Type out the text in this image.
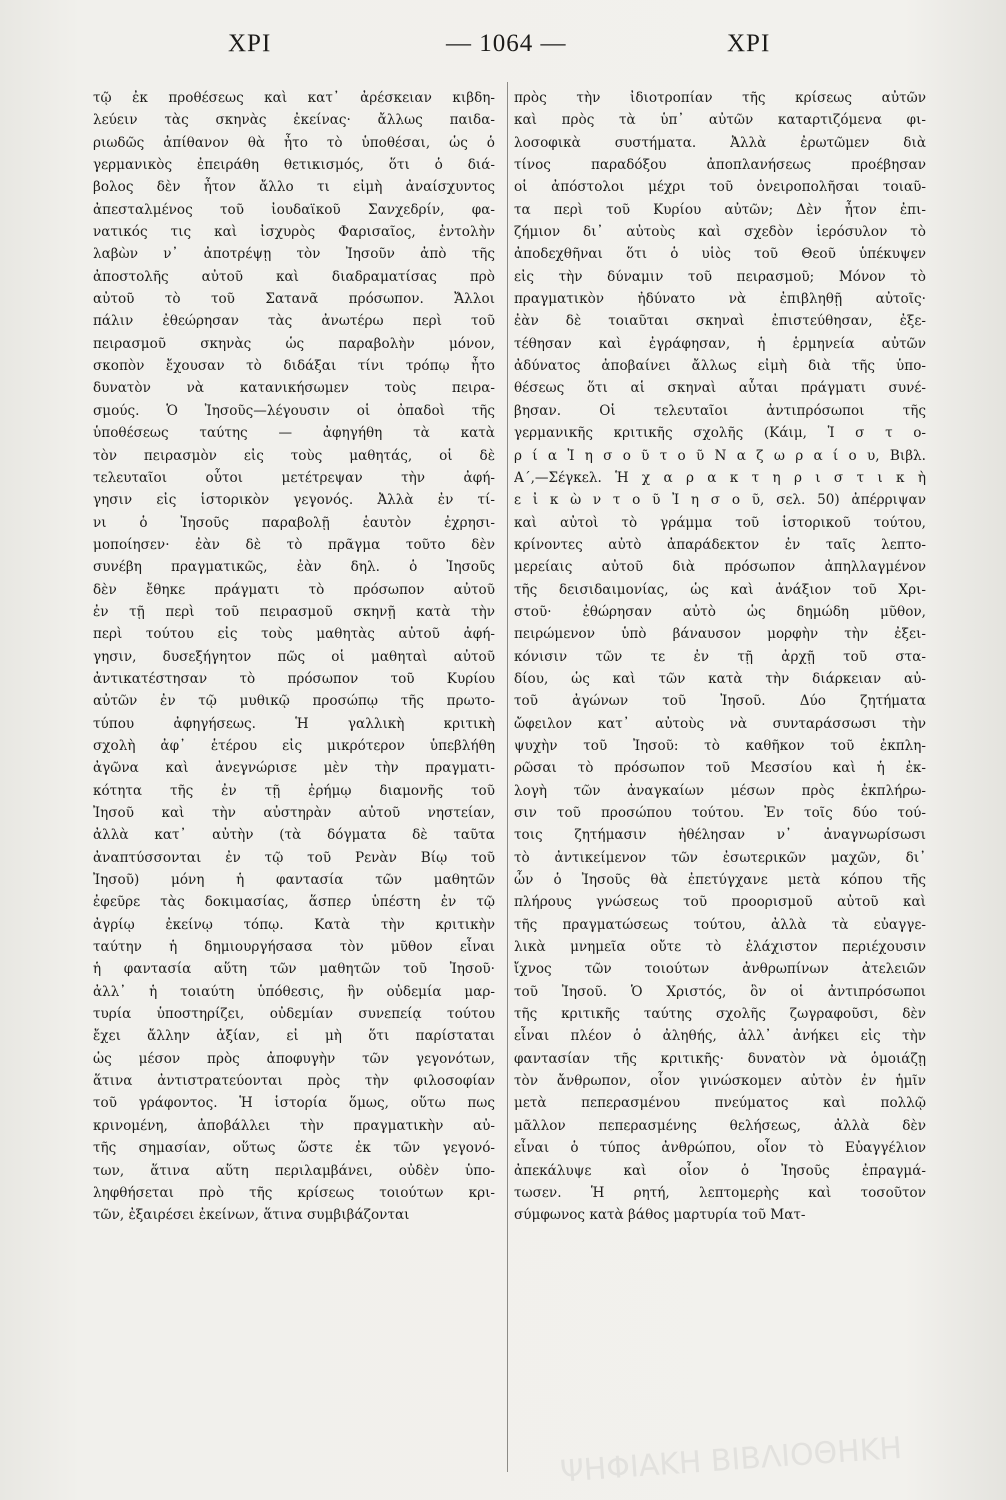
ΧΡΙ	— 1064 —	ΧΡΙ
τῷ ἐκ προθέσεως καὶ κατ᾽ ἀρέσκειαν κιβδη-
λεύειν τὰς σκηνὰς ἐκείνας· ἄλλως παιδα-
ριωδῶς ἀπίθανον θὰ ἦτο τὸ ὑποθέσαι, ὡς ὁ
γερμανικὸς ἐπειράθη θετικισμός, ὅτι ὁ διά-
βολος δὲν ἦτον ἄλλο τι εἰμὴ ἀναίσχυντος
ἀπεσταλμένος τοῦ ἰουδαϊκοῦ Σανχεδρίν, φα-
νατικός τις καὶ ἰσχυρὸς Φαρισαῖος, ἐντολὴν
λαβὼν ν᾽ ἀποτρέψῃ τὸν Ἰησοῦν ἀπὸ τῆς
ἀποστολῆς αὐτοῦ καὶ διαδραματίσας πρὸ
αὐτοῦ τὸ τοῦ Σατανᾶ πρόσωπον. Ἄλλοι
πάλιν ἐθεώρησαν τὰς ἀνωτέρω περὶ τοῦ
πειρασμοῦ σκηνὰς ὡς παραβολὴν μόνον,
σκοπὸν ἔχουσαν τὸ διδάξαι τίνι τρόπῳ ἦτο
δυνατὸν νὰ κατανικήσωμεν τοὺς πειρα-
σμούς. Ὁ Ἰησοῦς—λέγουσιν οἱ ὀπαδοὶ τῆς
ὑποθέσεως ταύτης — ἀφηγήθη τὰ κατὰ
τὸν πειρασμὸν εἰς τοὺς μαθητάς, οἱ δὲ
τελευταῖοι οὗτοι μετέτρεψαν τὴν ἀφή-
γησιν εἰς ἱστορικὸν γεγονός. Ἀλλὰ ἐν τί-
νι ὁ Ἰησοῦς παραβολῇ ἑαυτὸν ἐχρησι-
μοποίησεν· ἐὰν δὲ τὸ πρᾶγμα τοῦτο δὲν
συνέβη πραγματικῶς, ἐὰν δηλ. ὁ Ἰησοῦς
δὲν ἔθηκε πράγματι τὸ πρόσωπον αὐτοῦ
ἐν τῇ περὶ τοῦ πειρασμοῦ σκηνῇ κατὰ τὴν
περὶ τούτου εἰς τοὺς μαθητὰς αὐτοῦ ἀφή-
γησιν, δυσεξήγητον πῶς οἱ μαθηταὶ αὐτοῦ
ἀντικατέστησαν τὸ πρόσωπον τοῦ Κυρίου
αὐτῶν ἐν τῷ μυθικῷ προσώπῳ τῆς πρωτο-
τύπου ἀφηγήσεως. Ἡ γαλλικὴ κριτικὴ
σχολὴ ἀφ᾽ ἑτέρου εἰς μικρότερον ὑπεβλήθη
ἀγῶνα καὶ ἀνεγνώρισε μὲν τὴν πραγματι-
κότητα τῆς ἐν τῇ ἐρήμῳ διαμονῆς τοῦ
Ἰησοῦ καὶ τὴν αὐστηρὰν αὐτοῦ νηστείαν,
ἀλλὰ κατ᾽ αὐτὴν (τὰ δόγματα δὲ ταῦτα
ἀναπτύσσονται ἐν τῷ τοῦ Ρενὰν Βίῳ τοῦ
Ἰησοῦ) μόνη ἡ φαντασία τῶν μαθητῶν
ἐφεῦρε τὰς δοκιμασίας, ἅσπερ ὑπέστη ἐν τῷ
ἀγρίῳ ἐκείνῳ τόπῳ. Κατὰ τὴν κριτικὴν
ταύτην ἡ δημιουργήσασα τὸν μῦθον εἶναι
ἡ φαντασία αὕτη τῶν μαθητῶν τοῦ Ἰησοῦ·
ἀλλ᾽ ἡ τοιαύτη ὑπόθεσις, ἣν οὐδεμία μαρ-
τυρία ὑποστηρίζει, οὐδεμίαν συνεπείᾳ τούτου
ἔχει ἄλλην ἀξίαν, εἰ μὴ ὅτι παρίσταται
ὡς μέσον πρὸς ἀποφυγὴν τῶν γεγονότων,
ἅτινα ἀντιστρατεύονται πρὸς τὴν φιλοσοφίαν
τοῦ γράφοντος. Ἡ ἱστορία ὅμως, οὕτω πως
κρινομένη, ἀποβάλλει τὴν πραγματικὴν αὐ-
τῆς σημασίαν, οὕτως ὥστε ἐκ τῶν γεγονό-
των, ἅτινα αὕτη περιλαμβάνει, οὐδὲν ὑπο-
ληφθήσεται πρὸ τῆς κρίσεως τοιούτων κρι-
τῶν, ἐξαιρέσει ἐκείνων, ἅτινα συμβιβάζονται
πρὸς τὴν ἰδιοτροπίαν τῆς κρίσεως αὐτῶν
καὶ πρὸς τὰ ὑπ᾽ αὐτῶν καταρτιζόμενα φι-
λοσοφικὰ συστήματα. Ἀλλὰ ἐρωτῶμεν διὰ
τίνος παραδόξου ἀποπλανήσεως προέβησαν
οἱ ἀπόστολοι μέχρι τοῦ ὀνειροπολῆσαι τοιαῦ-
τα περὶ τοῦ Κυρίου αὐτῶν; Δὲν ἦτον ἐπι-
ζήμιον δι᾽ αὐτοὺς καὶ σχεδὸν ἱερόσυλον τὸ
ἀποδεχθῆναι ὅτι ὁ υἱὸς τοῦ Θεοῦ ὑπέκυψεν
εἰς τὴν δύναμιν τοῦ πειρασμοῦ; Μόνον τὸ
πραγματικὸν ἠδύνατο νὰ ἐπιβληθῇ αὐτοῖς·
ἐὰν δὲ τοιαῦται σκηναὶ ἐπιστεύθησαν, ἐξε-
τέθησαν καὶ ἐγράφησαν, ἡ ἑρμηνεία αὐτῶν
ἀδύνατος ἀποβαίνει ἄλλως εἰμὴ διὰ τῆς ὑπο-
θέσεως ὅτι αἱ σκηναὶ αὗται πράγματι συνέ-
βησαν. Οἱ τελευταῖοι ἀντιπρόσωποι τῆς
γερμανικῆς κριτικῆς σχολῆς (Κάιμ, Ἱ σ τ ο-
ρ ί α Ἰ η σ ο ῦ τ ο ῦ Ν α ζ ω ρ α ί ο υ, Βιβλ.
Α΄,—Σέγκελ. Ἡ χ α ρ α κ τ η ρ ι σ τ ι κ ὴ
ε ἰ κ ὼ ν τ ο ῦ Ἰ η σ ο ῦ, σελ. 50) ἀπέρριψαν
καὶ αὐτοὶ τὸ γράμμα τοῦ ἱστορικοῦ τούτου,
κρίνοντες αὐτὸ ἀπαράδεκτον ἐν ταῖς λεπτο-
μερείαις αὐτοῦ διὰ πρόσωπον ἀπηλλαγμένον
τῆς δεισιδαιμονίας, ὡς καὶ ἀνάξιον τοῦ Χρι-
στοῦ· ἐθώρησαν αὐτὸ ὡς δημώδη μῦθον,
πειρώμενον ὑπὸ βάναυσον μορφὴν τὴν ἐξει-
κόνισιν τῶν τε ἐν τῇ ἀρχῇ τοῦ στα-
δίου, ὡς καὶ τῶν κατὰ τὴν διάρκειαν αὐ-
τοῦ ἀγώνων τοῦ Ἰησοῦ. Δύο ζητήματα
ὤφειλον κατ᾽ αὐτοὺς νὰ συνταράσσωσι τὴν
ψυχὴν τοῦ Ἰησοῦ: τὸ καθῆκον τοῦ ἐκπλη-
ρῶσαι τὸ πρόσωπον τοῦ Μεσσίου καὶ ἡ ἐκ-
λογὴ τῶν ἀναγκαίων μέσων πρὸς ἐκπλήρω-
σιν τοῦ προσώπου τούτου. Ἐν τοῖς δύο τού-
τοις ζητήμασιν ἠθέλησαν ν᾽ ἀναγνωρίσωσι
τὸ ἀντικείμενον τῶν ἐσωτερικῶν μαχῶν, δι᾽
ὧν ὁ Ἰησοῦς θὰ ἐπετύγχανε μετὰ κόπου τῆς
πλήρους γνώσεως τοῦ προορισμοῦ αὐτοῦ καὶ
τῆς πραγματώσεως τούτου, ἀλλὰ τὰ εὐαγγε-
λικὰ μνημεῖα οὔτε τὸ ἐλάχιστον περιέχουσιν
ἴχνος τῶν τοιούτων ἀνθρωπίνων ἀτελειῶν
τοῦ Ἰησοῦ. Ὁ Χριστός, ὃν οἱ ἀντιπρόσωποι
τῆς κριτικῆς ταύτης σχολῆς ζωγραφοῦσι, δὲν
εἶναι πλέον ὁ ἀληθής, ἀλλ᾽ ἀνήκει εἰς τὴν
φαντασίαν τῆς κριτικῆς· δυνατὸν νὰ ὁμοιάζῃ
τὸν ἄνθρωπον, οἷον γινώσκομεν αὐτὸν ἐν ἡμῖν
μετὰ πεπερασμένου πνεύματος καὶ πολλῷ
μᾶλλον πεπερασμένης θελήσεως, ἀλλὰ δὲν
εἶναι ὁ τύπος ἀνθρώπου, οἷον τὸ Εὐαγγέλιον
ἀπεκάλυψε καὶ οἷον ὁ Ἰησοῦς ἐπραγμά-
τωσεν. Ἡ ρητή, λεπτομερὴς καὶ τοσοῦτον
σύμφωνος κατὰ βάθος μαρτυρία τοῦ Ματ-
ΨΗΦΙΑΚΗ ΒΙΒΛΙΟΘΗΚΗ
